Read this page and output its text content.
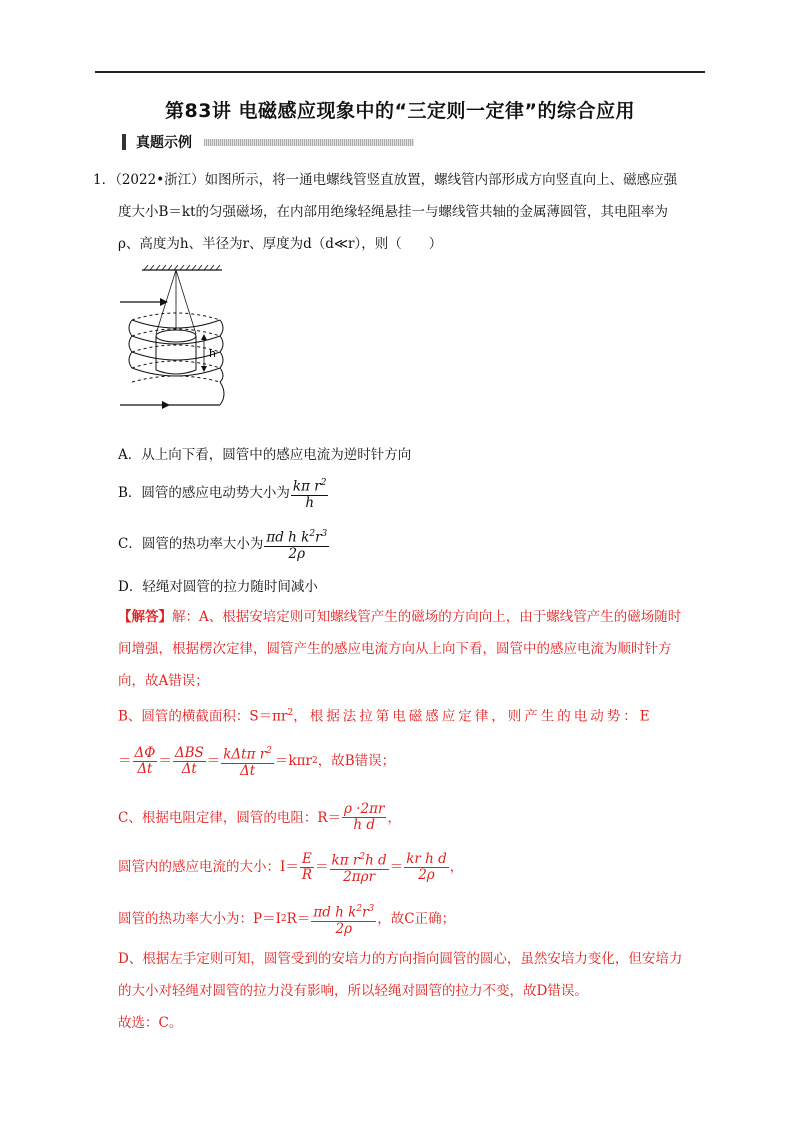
第83讲 电磁感应现象中的“三定则一定律”的综合应用
真题示例
1．（2022•浙江）如图所示，将一通电螺线管竖直放置，螺线管内部形成方向竖直向上、磁感应强
度大小B＝kt的匀强磁场，在内部用绝缘轻绳悬挂一与螺线管共轴的金属薄圆管，其电阻率为
ρ、高度为h、半径为r、厚度为d（d≪r），则（　　）
h
A．从上向下看，圆管中的感应电流为逆时针方向
B．圆管的感应电动势大小为 $\frac{k\pi r^2}{h}$
C．圆管的热功率大小为 $\frac{\pi d h k^2r^3}{2\rho}$
D．轻绳对圆管的拉力随时间减小
【解答】解：A、根据安培定则可知螺线管产生的磁场的方向向上，由于螺线管产生的磁场随时
间增强，根据楞次定律，圆管产生的感应电流方向从上向下看，圆管中的感应电流为顺时针方
向，故A错误；
B、圆管的横截面积：$S=\pi r^2$，根据法拉第电磁感应定律，则产生的电动势：E
＝ $\frac{\Delta\Phi}{\Delta t} = \frac{\text{ΔBS}}{\Delta t} = \frac{k\Delta t\pi r^2}{\Delta t} =k\pi r$ 2 ，故B错误；
C、根据电阻定律，圆管的电阻：$R= \frac{\rho \cdot 2\pi r}{\text{h d}}$ ，
圆管内的感应电流的大小：$I= \frac{E}{R} = \frac{k\pi r^2h d}{\text{2πρr}} = \frac{\text{kr h d}}{2\rho}$ ，
圆管的热功率大小为：P＝I 2 $R= \frac{\pi d h k^2r^3}{2\rho}$ ，故C正确；
D、根据左手定则可知，圆管受到的安培力的方向指向圆管的圆心，虽然安培力变化，但安培力
的大小对轻绳对圆管的拉力没有影响，所以轻绳对圆管的拉力不变，故D错误。
故选：C。
